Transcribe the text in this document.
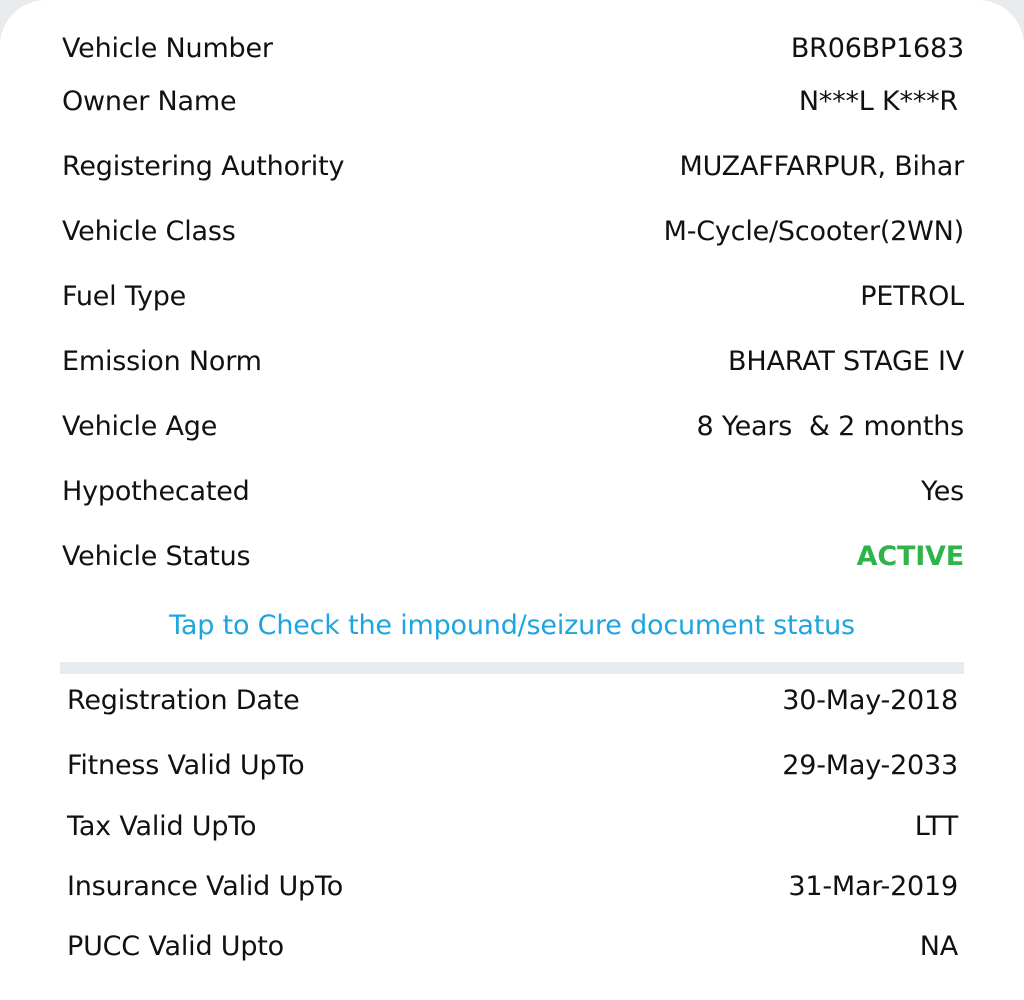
Vehicle Number	BR06BP1683
Owner Name	N***L K***R
Registering Authority	MUZAFFARPUR, Bihar
Vehicle Class	M-Cycle/Scooter(2WN)
Fuel Type	PETROL
Emission Norm	BHARAT STAGE IV
Vehicle Age	8 Years  & 2 months
Hypothecated	Yes
Vehicle Status	ACTIVE
Tap to Check the impound/seizure document status
Registration Date	30-May-2018
Fitness Valid UpTo	29-May-2033
Tax Valid UpTo	LTT
Insurance Valid UpTo	31-Mar-2019
PUCC Valid Upto	NA
